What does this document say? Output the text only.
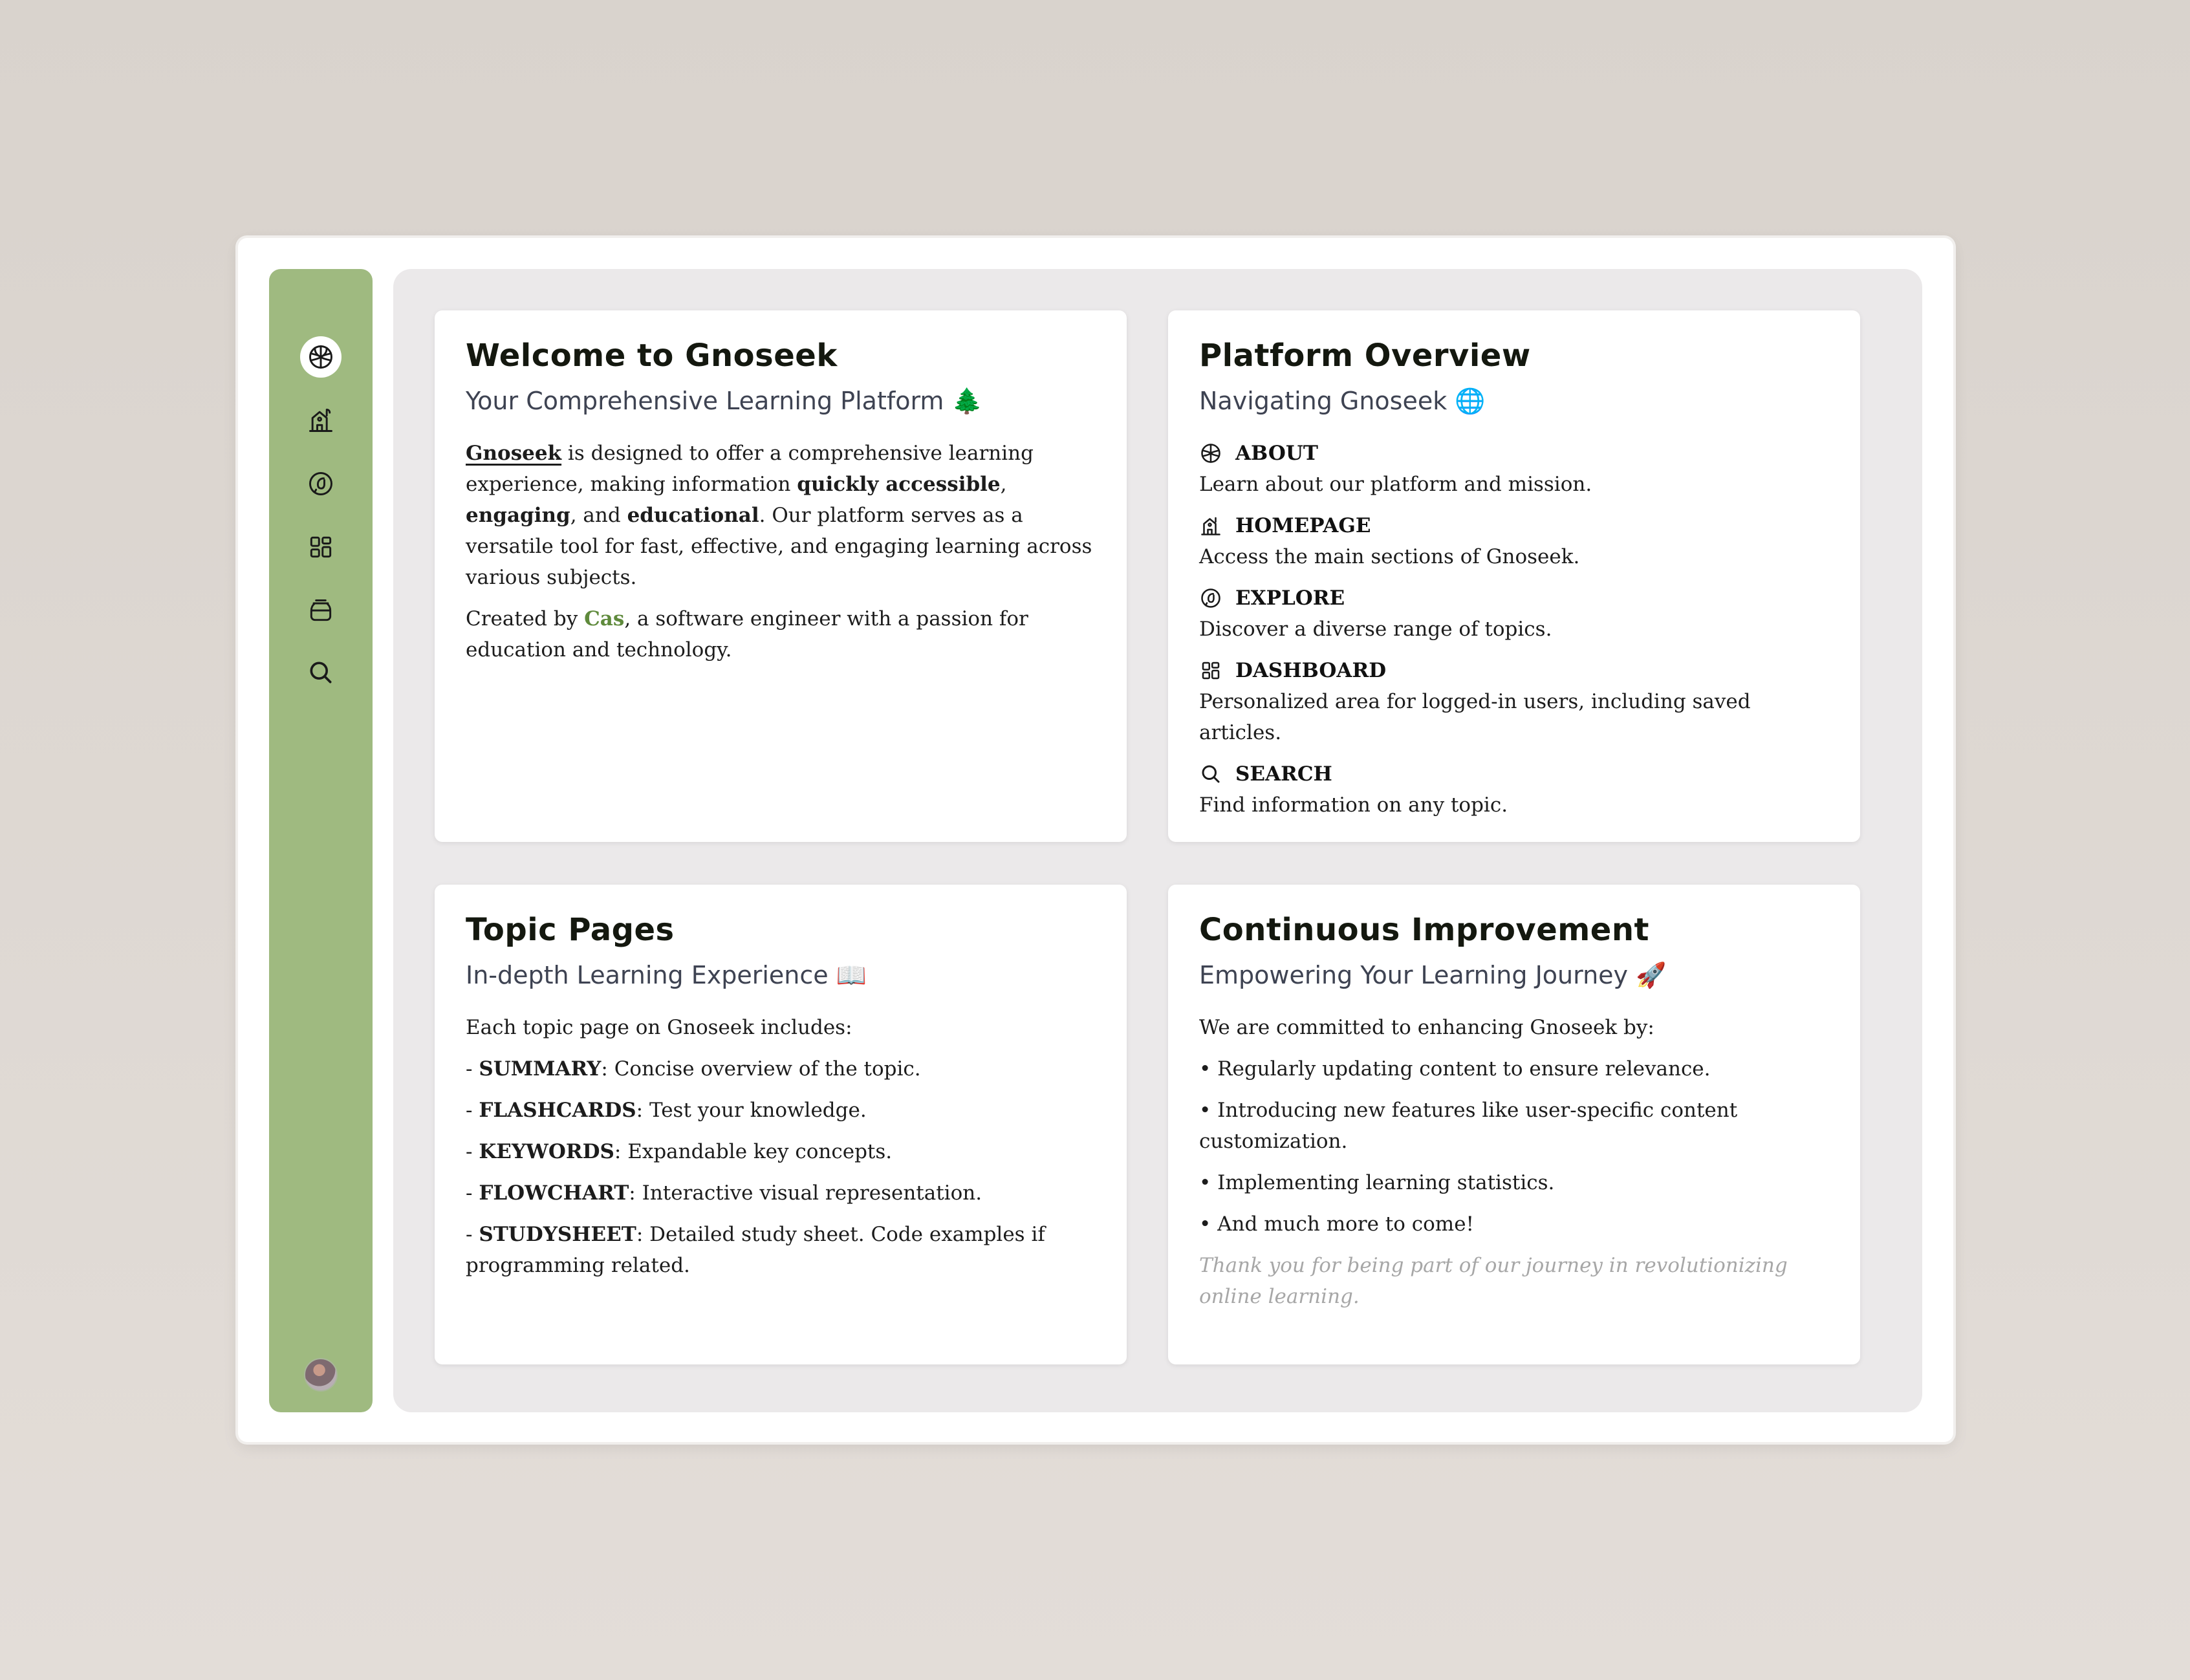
Welcome to Gnoseek
Your Comprehensive Learning Platform 🌲

Gnoseek is designed to offer a comprehensive learning experience, making information quickly accessible, engaging, and educational. Our platform serves as a versatile tool for fast, effective, and engaging learning across various subjects.

Created by Cas, a software engineer with a passion for education and technology.

Platform Overview
Navigating Gnoseek 🌐
ABOUT
Learn about our platform and mission.
HOMEPAGE
Access the main sections of Gnoseek.
EXPLORE
Discover a diverse range of topics.
DASHBOARD
Personalized area for logged-in users, including saved articles.
SEARCH
Find information on any topic.
Topic Pages
In-depth Learning Experience 📖

Each topic page on Gnoseek includes:

- SUMMARY: Concise overview of the topic.

- FLASHCARDS: Test your knowledge.

- KEYWORDS: Expandable key concepts.

- FLOWCHART: Interactive visual representation.

- STUDYSHEET: Detailed study sheet. Code examples if programming related.

Continuous Improvement
Empowering Your Learning Journey 🚀

We are committed to enhancing Gnoseek by:

• Regularly updating content to ensure relevance.

• Introducing new features like user-specific content customization.

• Implementing learning statistics.

• And much more to come!

Thank you for being part of our journey in revolutionizing online learning.
